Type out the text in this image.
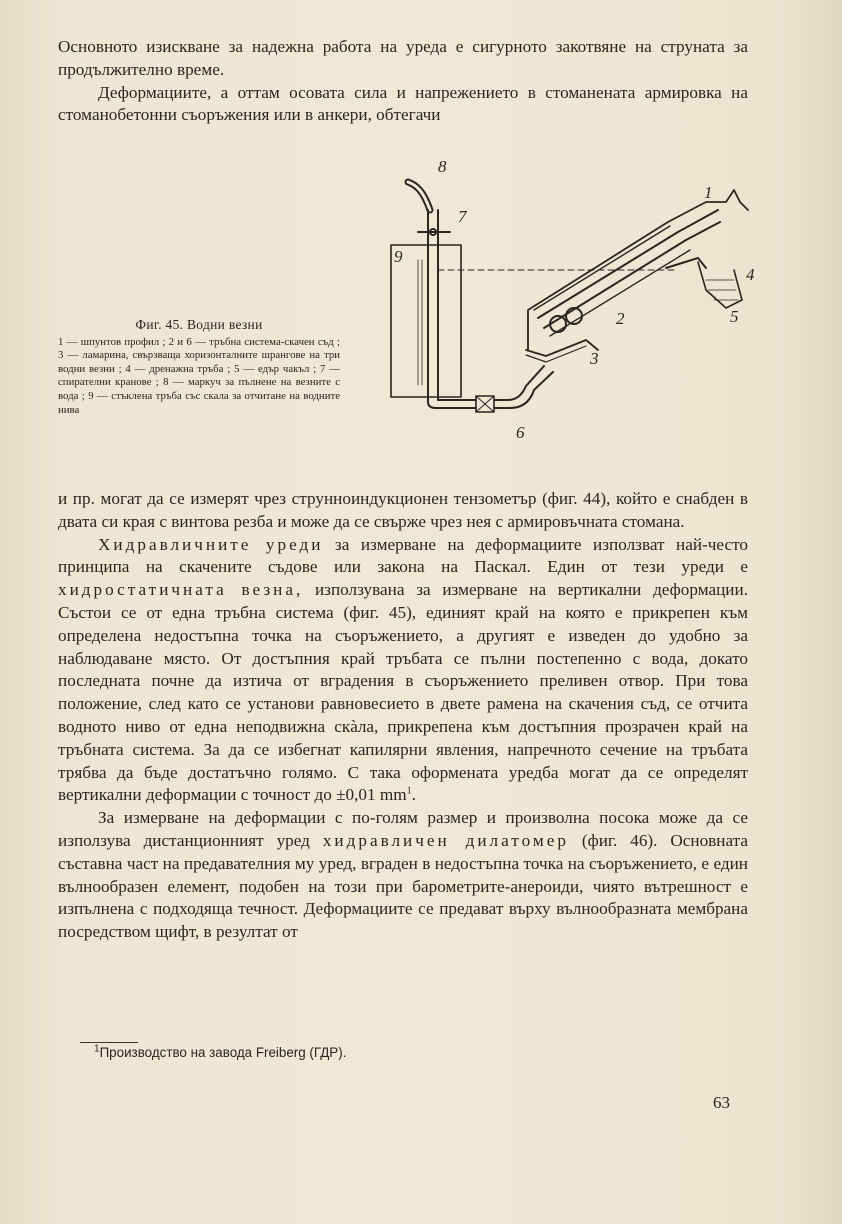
Основното изискване за надежна работа на уреда е сигурното закотвяне на струната за продължително време.

Деформациите, а оттам осовата сила и напрежението в стоманената армировка на стоманобетонни съоръжения или в анкери, обтегачи

8
7
9
1
4
5
2
3
6
Фиг. 45. Водни везни
1 — шпунтов профил ; 2 и 6 — тръбна система-скачен съд ; 3 — ламарина, свързваща хоризонталните шрангове на три водни везни ; 4 — дренажна тръба ; 5 — едър чакъл ; 7 — спирателни кранове ; 8 — маркуч за пълнене на везните с вода ; 9 — стъклена тръба със скала за отчитане на водните нива

и пр. могат да се измерят чрез струнноиндукционен тензометър (фиг. 44), който е снабден в двата си края с винтова резба и може да се свърже чрез нея с армировъчната стомана.

Хидравличните уреди за измерване на деформациите използват най-често принципа на скачените съдове или закона на Паскал. Един от тези уреди е хидростатичната везна, използувана за измерване на вертикални деформации. Състои се от една тръбна система (фиг. 45), единият край на която е прикрепен към определена недостъпна точка на съоръжението, а другият е изведен до удобно за наблюдаване място. От достъпния край тръбата се пълни постепенно с вода, докато последната почне да изтича от вградения в съоръжението преливен отвор. При това положение, след като се установи равновесието в двете рамена на скачения съд, се отчита водното ниво от една неподвижна скàла, прикрепена към достъпния прозрачен край на тръбната система. За да се избегнат капилярни явления, напречното сечение на тръбата трябва да бъде достатъчно голямо. С така оформената уредба могат да се определят вертикални деформации с точност до ±0,01 $mm^1$.

За измерване на деформации с по-голям размер и произволна посока може да се използува дистанционният уред хидравличен дилатомер (фиг. 46). Основната съставна част на предавателния му уред, вграден в недостъпна точка на съоръжението, е един вълнообразен елемент, подобен на този при барометрите-анероиди, чиято вътрешност е изпълнена с подходяща течност. Деформациите се предават върху вълнообразната мембрана посредством щифт, в резултат от

$^1$Производство на завода Freiberg (ГДР).
63
